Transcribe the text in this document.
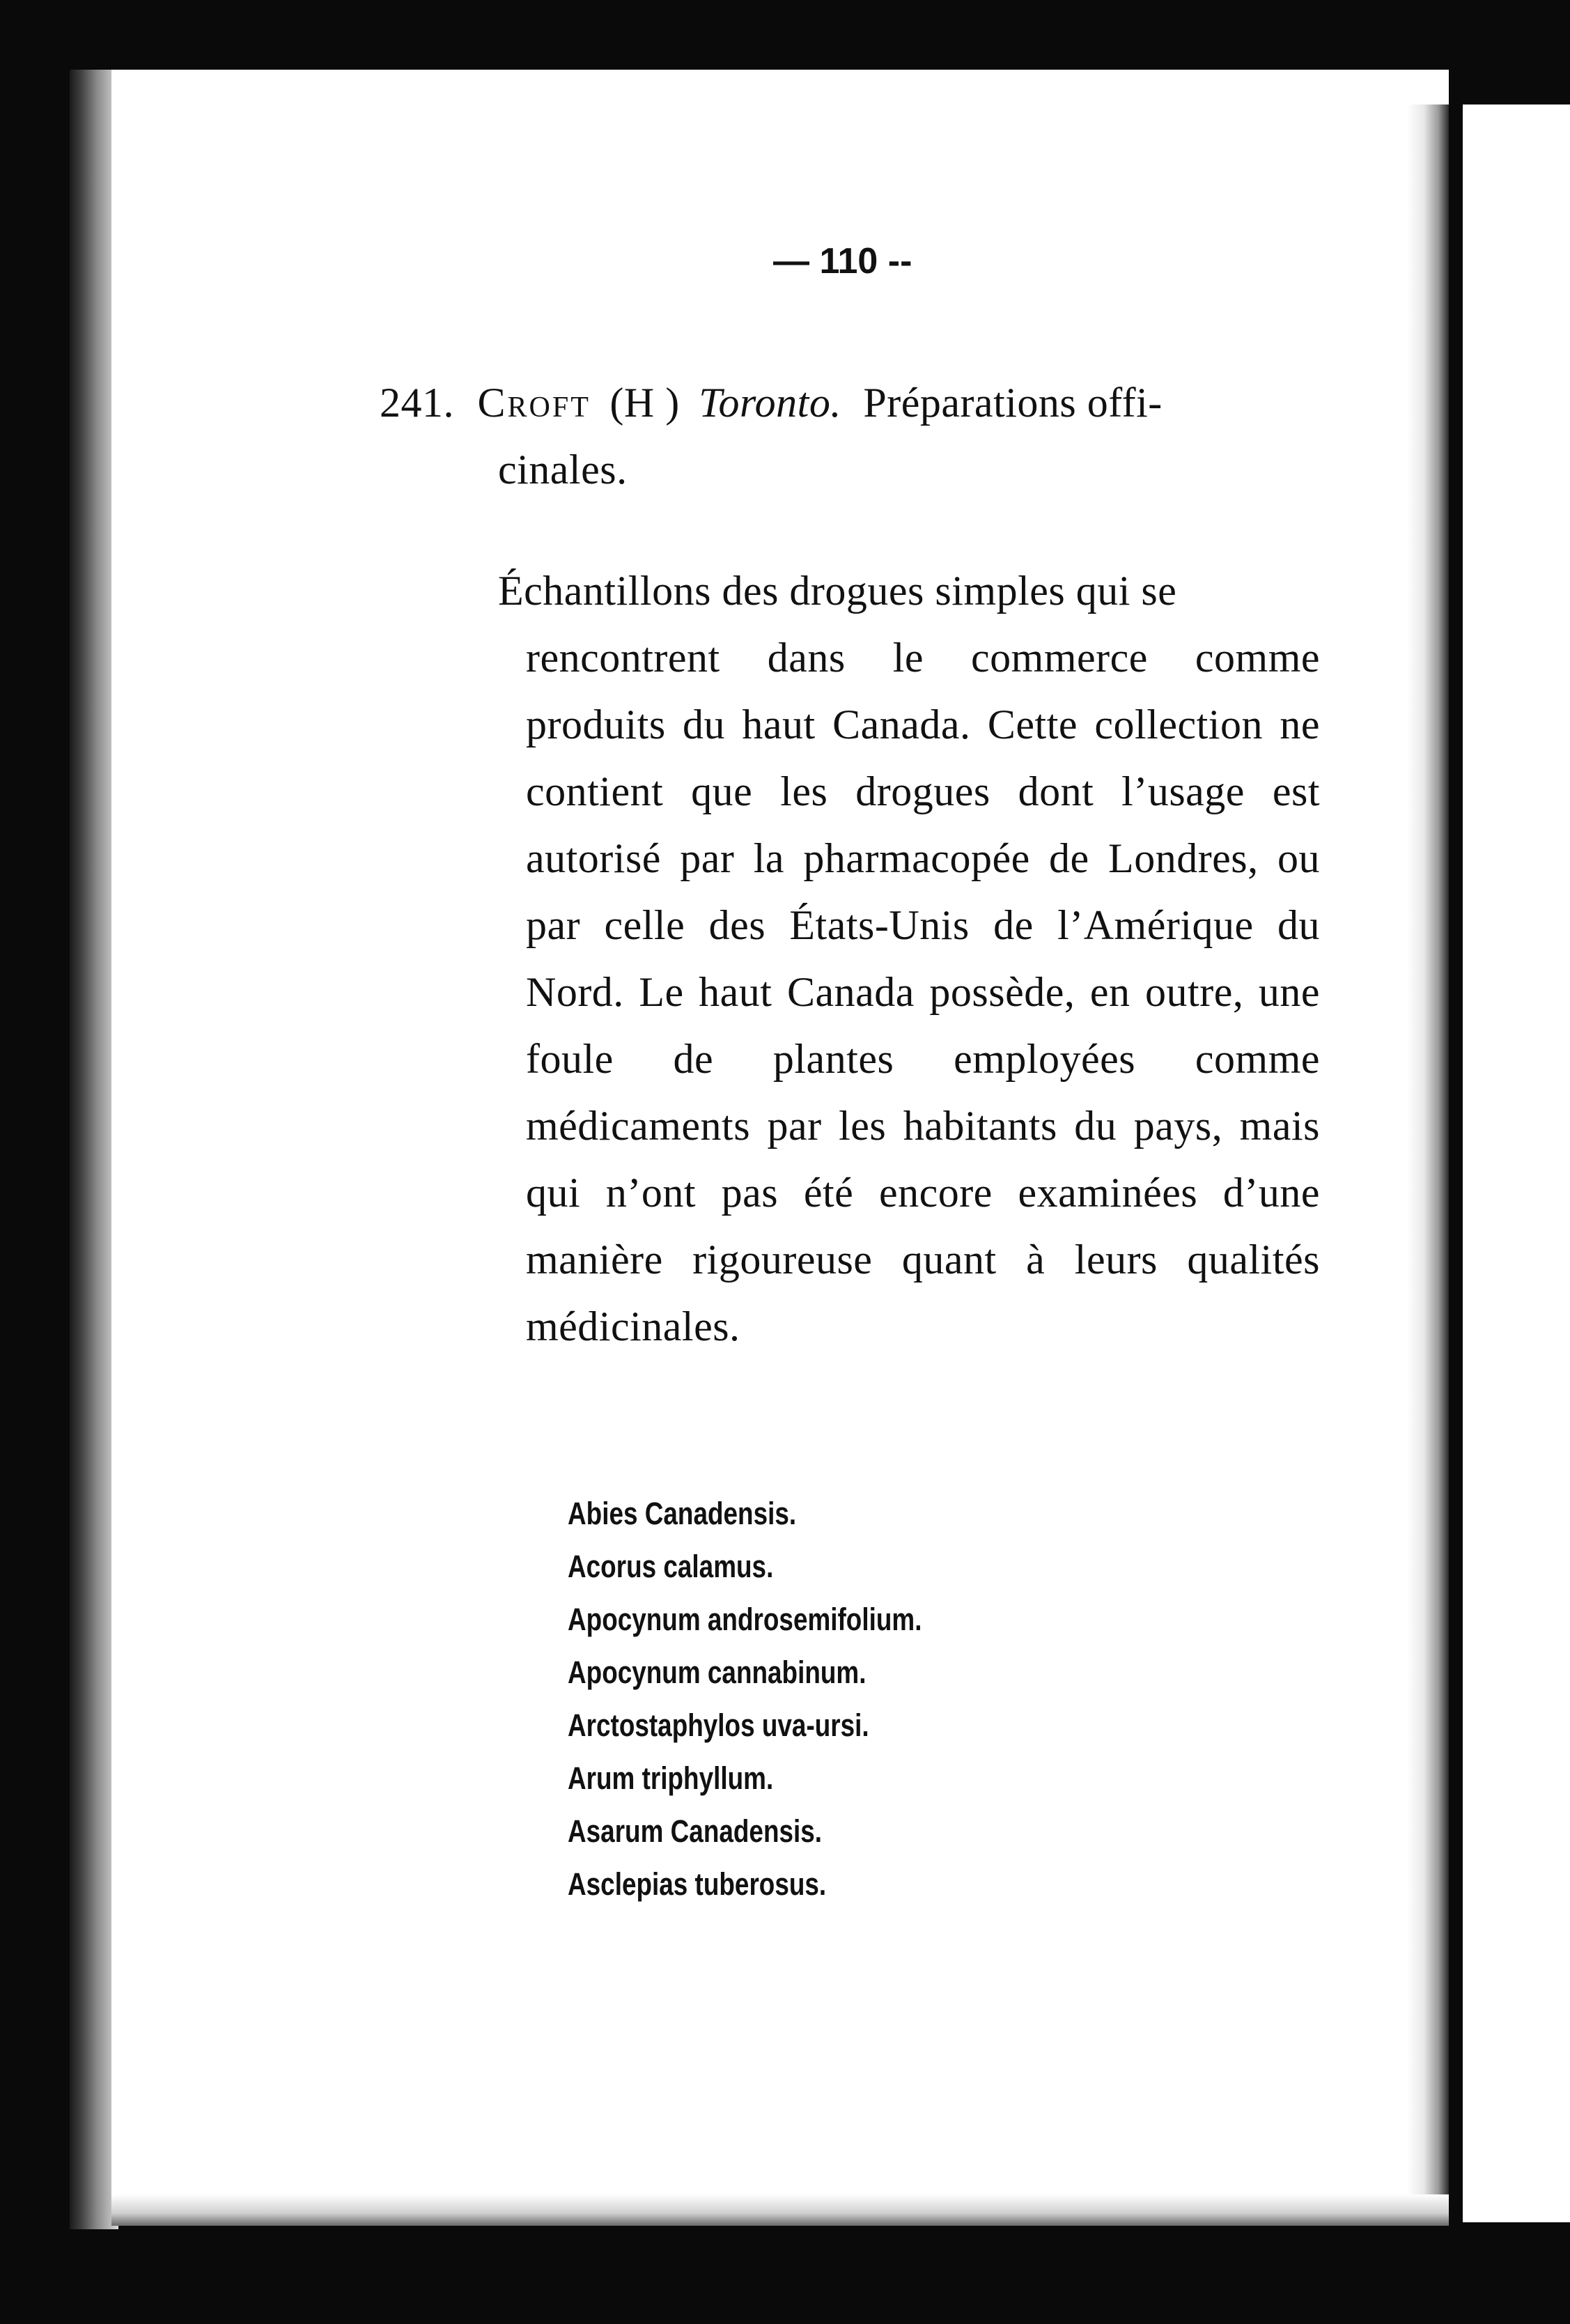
— 110 --
241. Croft (H ) Toronto. Préparations offi-
cinales.
Échantillons des drogues simples qui se
rencontrent dans le commerce comme produits du haut Canada. Cette collection ne contient que les drogues dont l’usage est autorisé par la pharmacopée de Londres, ou par celle des États-Unis de l’Amérique du Nord. Le haut Canada possède, en outre, une foule de plantes employées comme médicaments par les habitants du pays, mais qui n’ont pas été encore examinées d’une manière rigoureuse quant à leurs qualités médicinales.
Abies Canadensis.
Acorus calamus.
Apocynum androsemifolium.
Apocynum cannabinum.
Arctostaphylos uva-ursi.
Arum triphyllum.
Asarum Canadensis.
Asclepias tuberosus.
